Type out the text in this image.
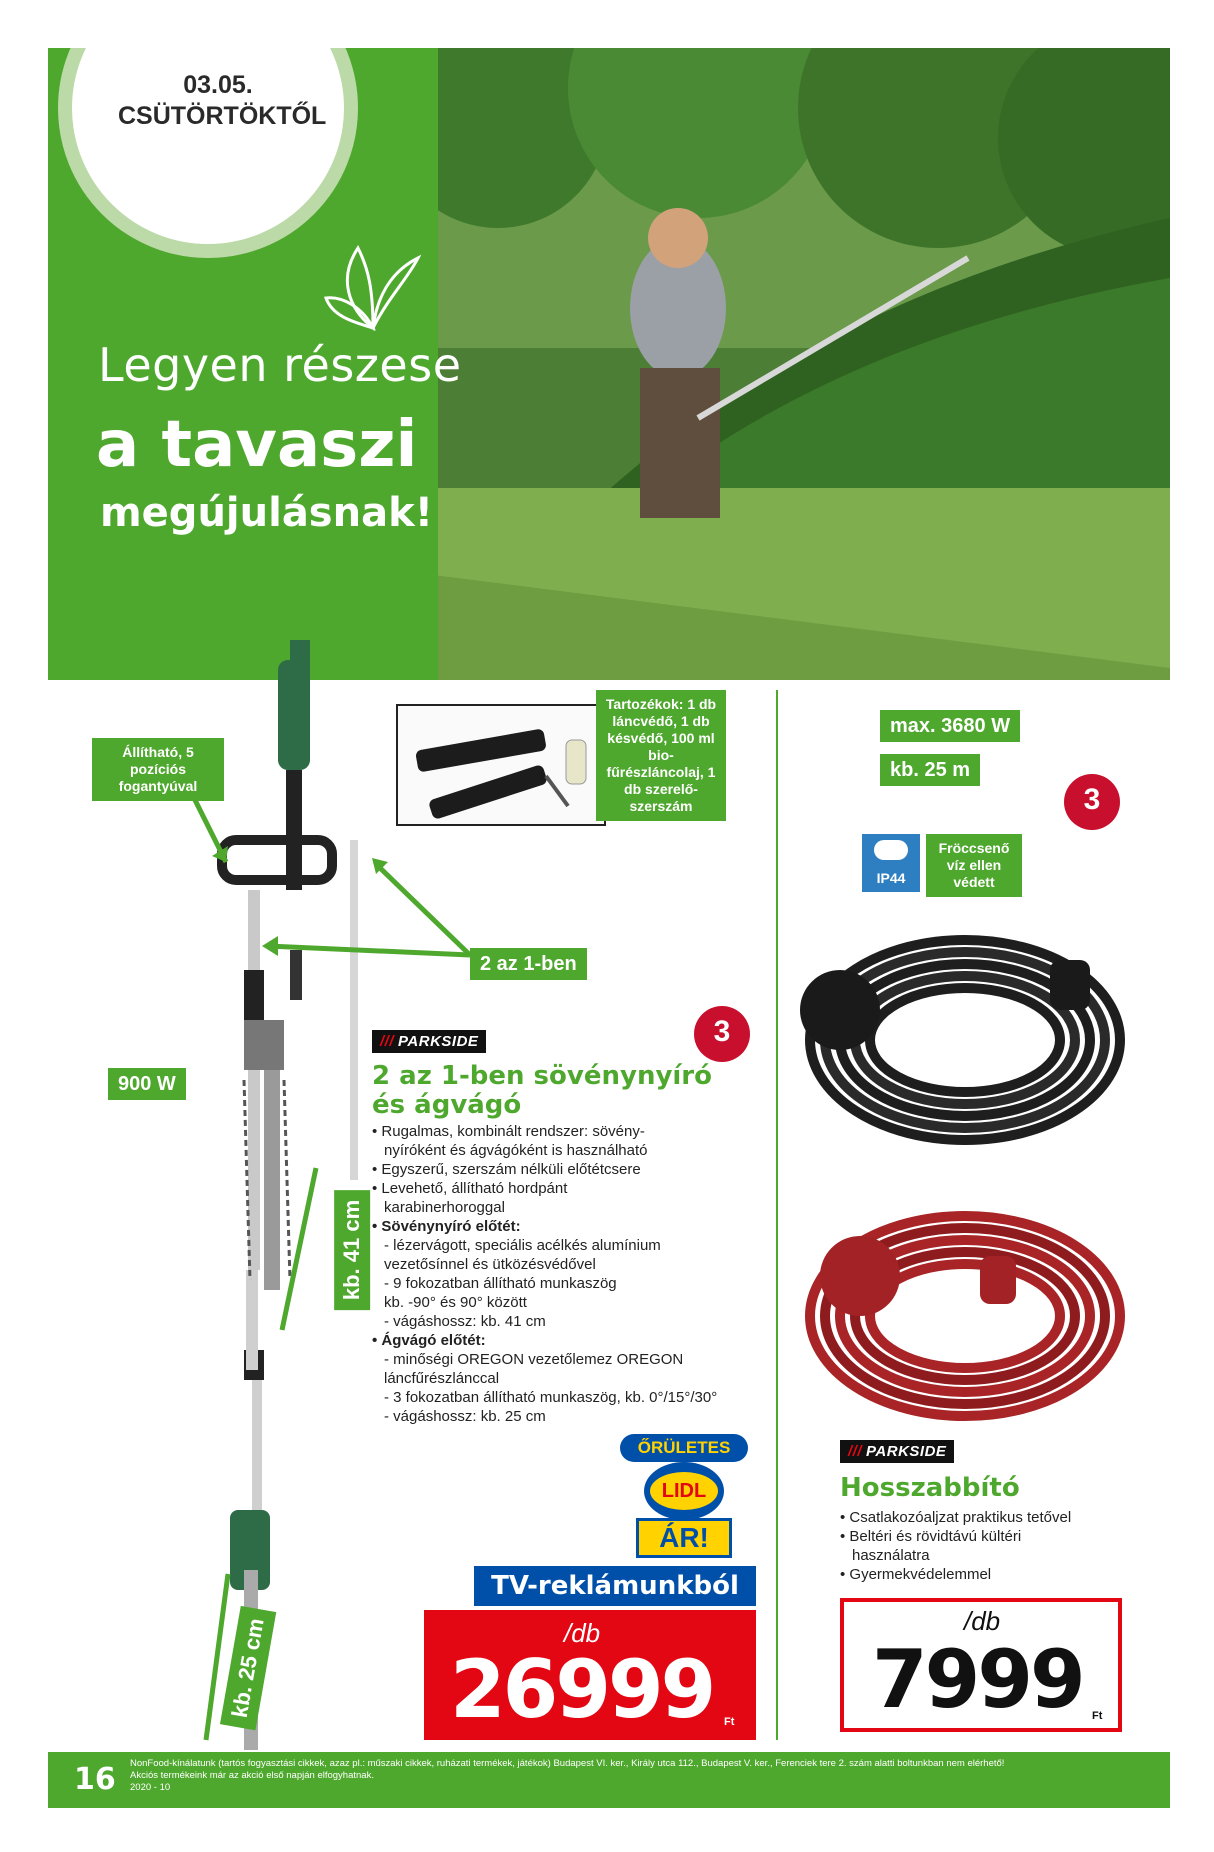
03.05.
CSÜTÖRTÖKTŐL
Legyen részese
a tavaszi
megújulásnak!
Állítható, 5 pozíciós fogantyúval
Tartozékok: 1 db láncvédő, 1 db késvédő, 100 ml bio-fűrészláncolaj, 1 db szerelő-szerszám
2 az 1-ben
900 W
kb. 41 cm
kb. 25 cm
3
/// PARKSIDE
2 az 1-ben sövénynyíró
és ágvágó
• Rugalmas, kombinált rendszer: sövény-
nyíróként és ágvágóként is használható
• Egyszerű, szerszám nélküli előtétcsere
• Levehető, állítható hordpánt
karabinerhoroggal
• Sövénynyíró előtét:
- lézervágott, speciális acélkés alumínium
vezetősínnel és ütközésvédővel
- 9 fokozatban állítható munkaszög
kb. -90° és 90° között
- vágáshossz: kb. 41 cm
• Ágvágó előtét:
- minőségi OREGON vezetőlemez OREGON
láncfűrészlánccal
- 3 fokozatban állítható munkaszög, kb. 0°/15°/30°
- vágáshossz: kb. 25 cm
ŐRÜLETES
LIDL
ÁR!
TV-reklámunkból
/db
26999 Ft
max. 3680 W
kb. 25 m
3
IP44
Fröccsenő víz ellen védett
/// PARKSIDE
Hosszabbító
• Csatlakozóaljzat praktikus tetővel
• Beltéri és rövidtávú kültéri
használatra
• Gyermekvédelemmel
/db
7999 Ft
16 NonFood-kínálatunk (tartós fogyasztási cikkek, azaz pl.: műszaki cikkek, ruházati termékek, játékok) Budapest VI. ker., Király utca 112., Budapest V. ker., Ferenciek tere 2. szám alatti boltunkban nem elérhető!
Akciós termékeink már az akció első napján elfogyhatnak.
2020 - 10
